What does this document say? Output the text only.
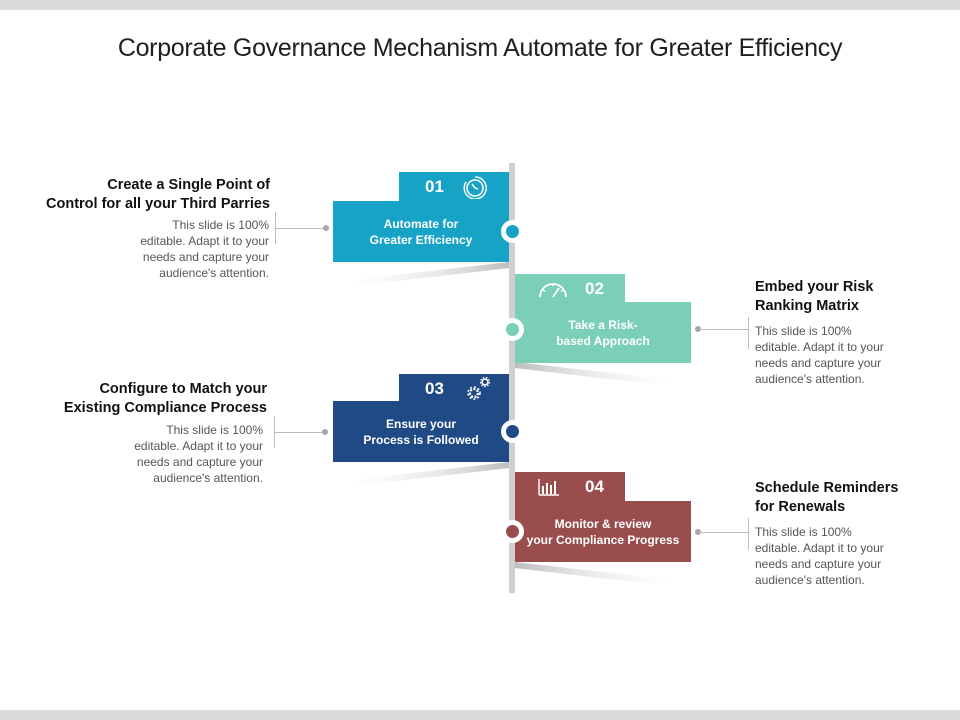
Corporate Governance Mechanism Automate for Greater Efficiency
01
Automate for
Greater Efficiency
Create a Single Point of
Control for all your Third Parries
This slide is 100%
editable. Adapt it to your
needs and capture your
audience's attention.
02
Take a Risk-
based Approach
Embed your Risk
Ranking Matrix
This slide is 100%
editable. Adapt it to your
needs and capture your
audience's attention.
03
Ensure your
Process is Followed
Configure to Match your
Existing Compliance Process
This slide is 100%
editable. Adapt it to your
needs and capture your
audience's attention.	04
Monitor & review
your Compliance Progress
Schedule Reminders
for Renewals
This slide is 100%
editable. Adapt it to your
needs and capture your
audience's attention.
